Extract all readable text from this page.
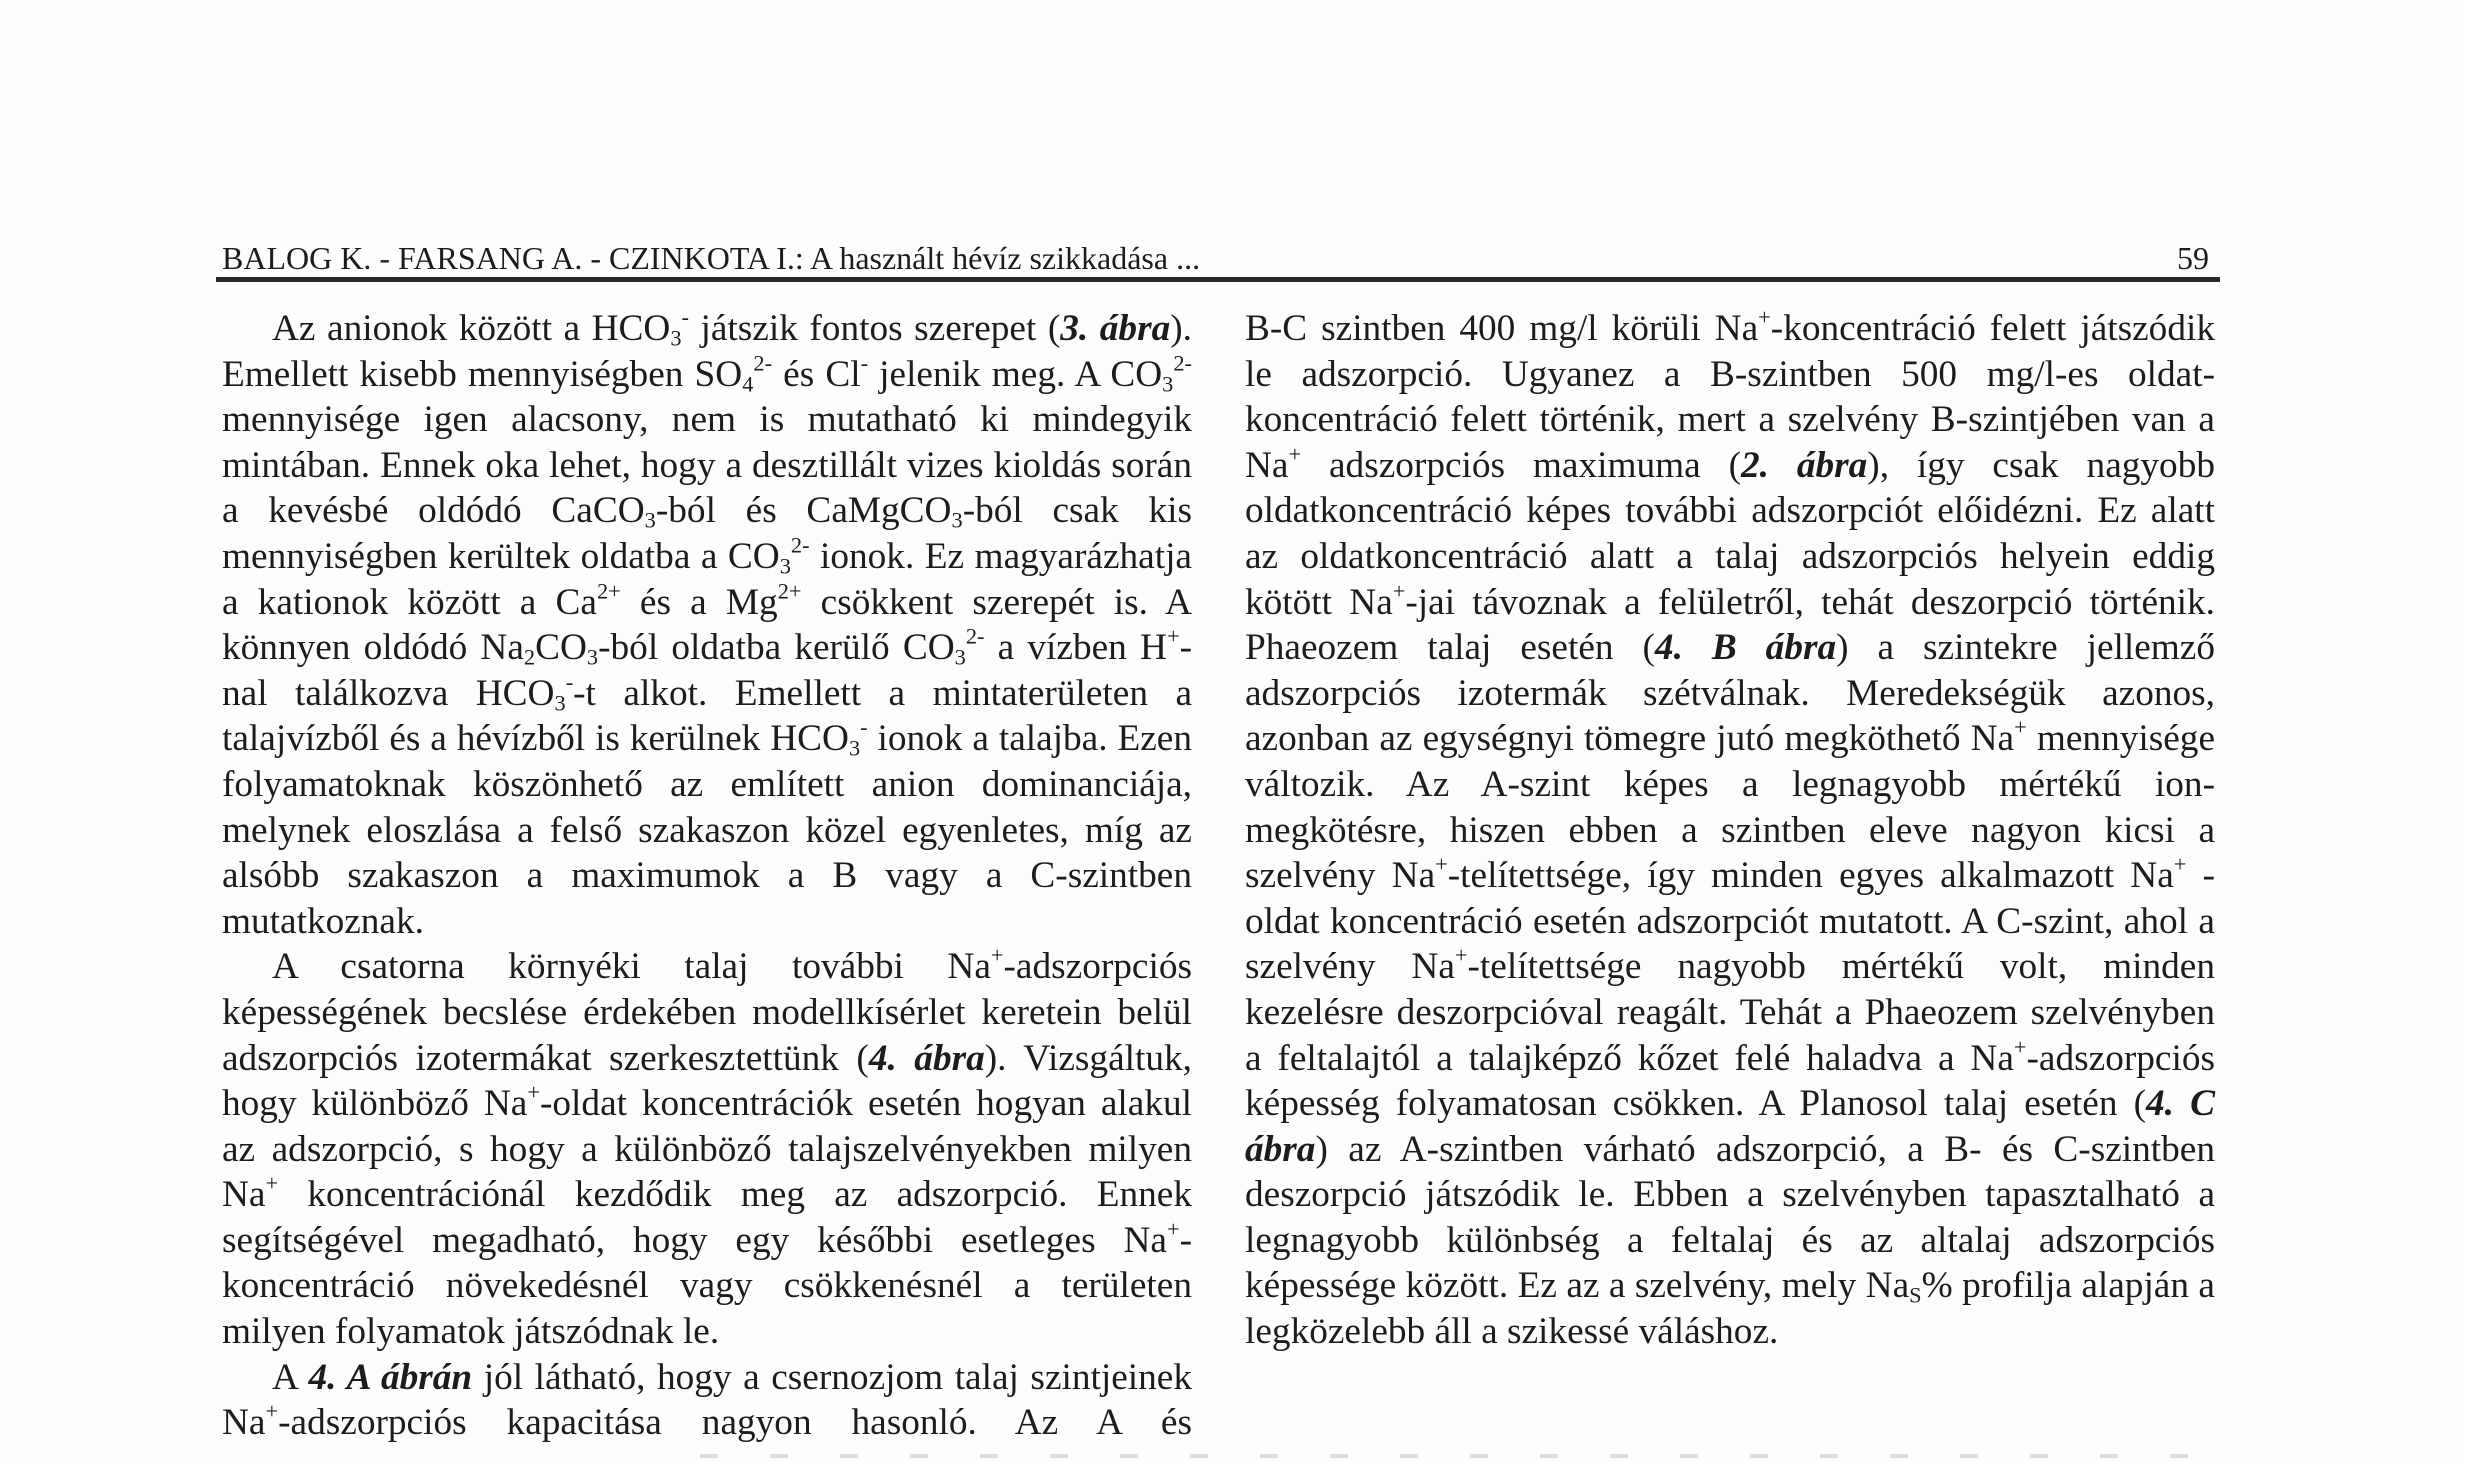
BALOG K. - FARSANG A. - CZINKOTA I.: A használt hévíz szikkadása ...	59

Az anionok között a $HCO_3^-$ játszik fontos szerepet (3. ábra). Emellett kisebb mennyiségben $SO_4^{2-}$ és Cl- jelenik meg. A $CO_3^{2-}$ mennyisége igen alacsony, nem is mutatható ki mindegyik mintában. Ennek oka lehet, hogy a desztillált vizes kioldás során a kevésbé oldódó CaCO$_3$-ból és CaMgCO$_3$-ból csak kis mennyiségben kerültek oldatba a $CO_3^{2-}$ ionok. Ez magyarázhatja a kationok között a $Ca^{2+}$ és a $Mg^{2+}$ csökkent szerepét is. A könnyen oldódó $Na_2CO_3$-ból oldatba kerülő $CO_3^{2-}$ a vízben H+-nal találkozva $HCO_3^--t$ alkot. Emellett a mintaterületen a talajvízből és a hévízből is kerülnek $HCO_3^-$ ionok a talajba. Ezen folyamatoknak köszönhető az említett anion dominanciája, melynek eloszlása a felső szakaszon közel egyenletes, míg az alsóbb szakaszon a maximumok a B vagy a C-szintben mutatkoznak.

A csatorna környéki talaj további Na+-adszorpciós képességének becslése érdekében modellkísérlet keretein belül adszorpciós izotermákat szerkesztettünk (4. ábra). Vizsgáltuk, hogy különböző Na+-oldat koncentrációk esetén hogyan alakul az adszorpció, s hogy a különböző talajszelvényekben milyen Na+ koncentrációnál kezdődik meg az adszorpció. Ennek segítségével megadható, hogy egy későbbi esetleges Na+-koncentráció növekedésnél vagy csökkenésnél a területen milyen folyamatok játszódnak le.

A 4. A ábrán jól látható, hogy a csernozjom talaj szintjeinek Na+-adszorpciós kapacitása nagyon hasonló. Az A és

B-C szintben 400 mg/l körüli Na+-koncentráció felett játszódik le adszorpció. Ugyanez a B-szintben 500 mg/l-es oldat-koncentráció felett történik, mert a szelvény B-szintjében van a Na+ adszorpciós maximuma (2. ábra), így csak nagyobb oldatkoncentráció képes további adszorpciót előidézni. Ez alatt az oldatkoncentráció alatt a talaj adszorpciós helyein eddig kötött Na+-jai távoznak a felületről, tehát deszorpció történik. Phaeozem talaj esetén (4. B ábra) a szintekre jellemző adszorpciós izotermák szétválnak. Meredekségük azonos, azonban az egységnyi tömegre jutó megköthető Na+ mennyisége változik. Az A-szint képes a legnagyobb mértékű ion-megkötésre, hiszen ebben a szintben eleve nagyon kicsi a szelvény Na+-telítettsége, így minden egyes alkalmazott Na+ -oldat koncentráció esetén adszorpciót mutatott. A C-szint, ahol a szelvény Na+-telítettsége nagyobb mértékű volt, minden kezelésre deszorpcióval reagált. Tehát a Phaeozem szelvényben a feltalajtól a talajképző kőzet felé haladva a Na+-adszorpciós képesség folyamatosan csökken. A Planosol talaj esetén (4. C ábra) az A-szintben várható adszorpció, a B- és C-szintben deszorpció játszódik le. Ebben a szelvényben tapasztalható a legnagyobb különbség a feltalaj és az altalaj adszorpciós képessége között. Ez az a szelvény, mely $Na_S\%$ profilja alapján a legközelebb áll a szikessé váláshoz.
